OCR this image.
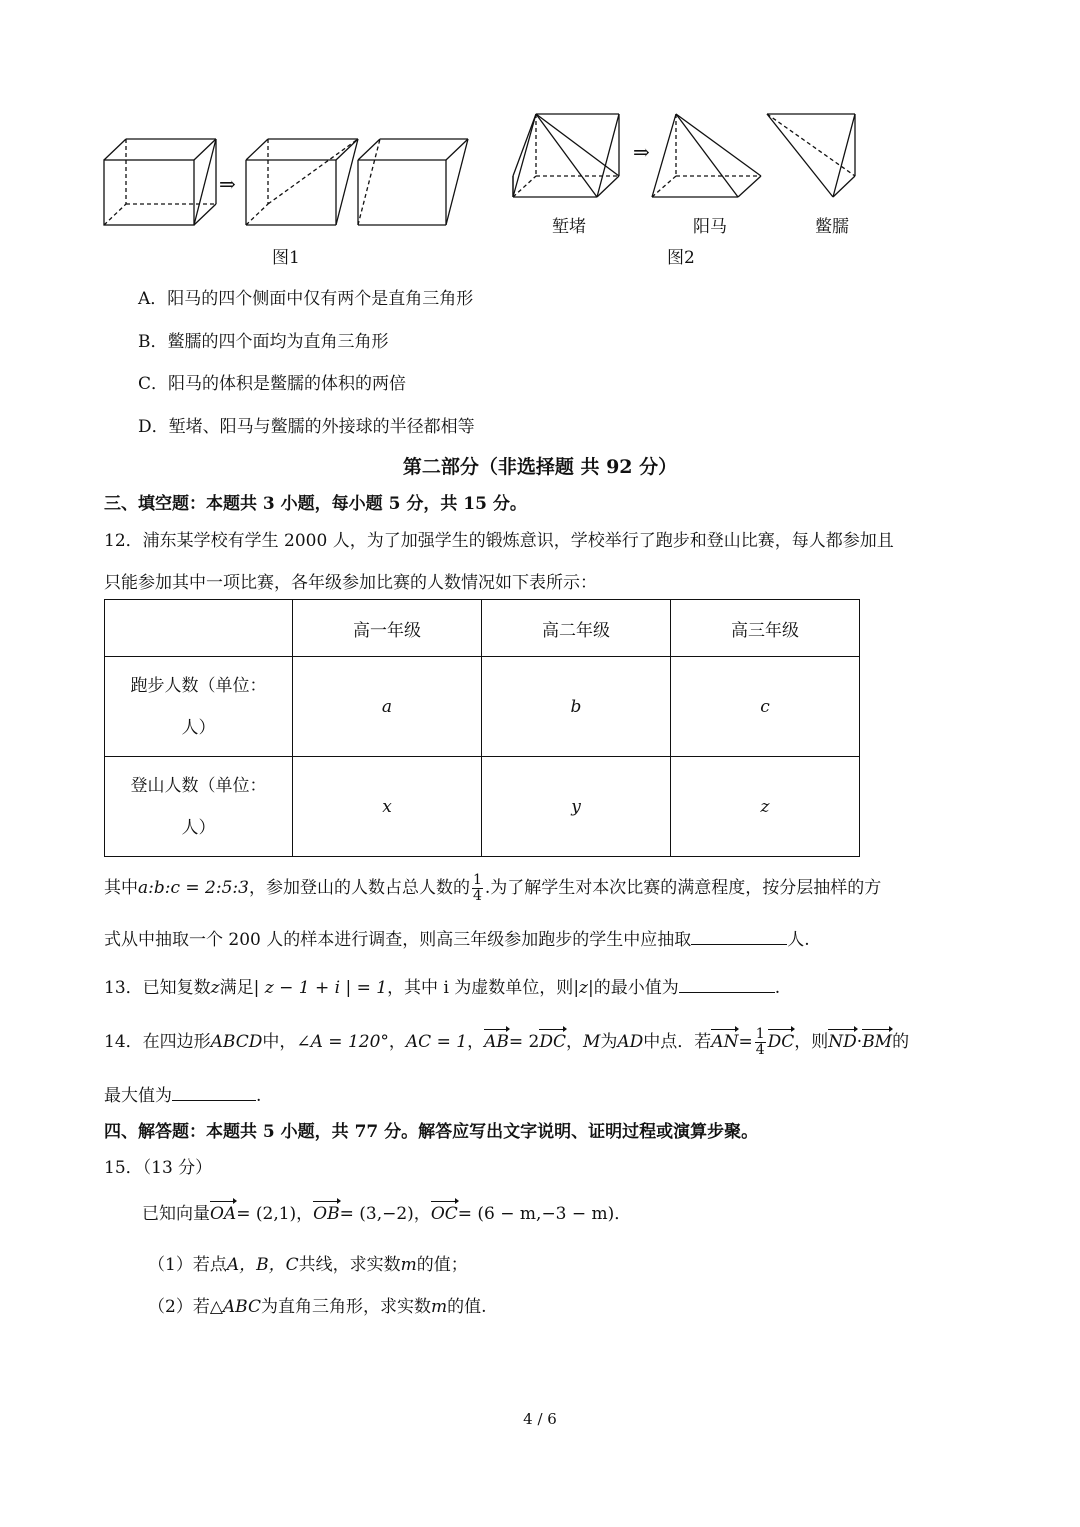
⇒
⇒
堑堵	阳马	鳖臑
图1	图2
A．阳马的四个侧面中仅有两个是直角三角形
B．鳖臑的四个面均为直角三角形
C．阳马的体积是鳖臑的体积的两倍
D．堑堵、阳马与鳖臑的外接球的半径都相等
第二部分（非选择题 共 92 分）
三、填空题：本题共 3 小题，每小题 5 分，共 15 分。
12．浦东某学校有学生 2000 人，为了加强学生的锻炼意识，学校举行了跑步和登山比赛，每人都参加且
只能参加其中一项比赛，各年级参加比赛的人数情况如下表所示：
	高一年级	高二年级	高三年级

跑步人数（单位：
人）	a	b	c

登山人数（单位：
人）	x	y	z
其中a:b:c = 2:5:3，参加登山的人数占总人数的 $\frac{1}{4}$ .为了解学生对本次比赛的满意程度，按分层抽样的方
式从中抽取一个 200 人的样本进行调查，则高三年级参加跑步的学生中应抽取	人.
13．已知复数z满足| z − 1 + i | = 1，其中 i 为虚数单位，则|z|的最小值为	.
14．在四边形ABCD中，∠A = 120°，AC = 1，AB= 2DC，M为AD中点．若$AN= \frac{1}{4}$ DC，则ND·BM的
最大值为	.
四、解答题：本题共 5 小题，共 77 分。解答应写出文字说明、证明过程或演算步聚。
15．（13 分）
已知向量OA= (2,1)，OB= (3,−2)，OC= (6 − m,−3 − m)．
（1）若点A，B，C共线，求实数m的值；
（2）若△ABC为直角三角形，求实数m的值.
4 / 6
